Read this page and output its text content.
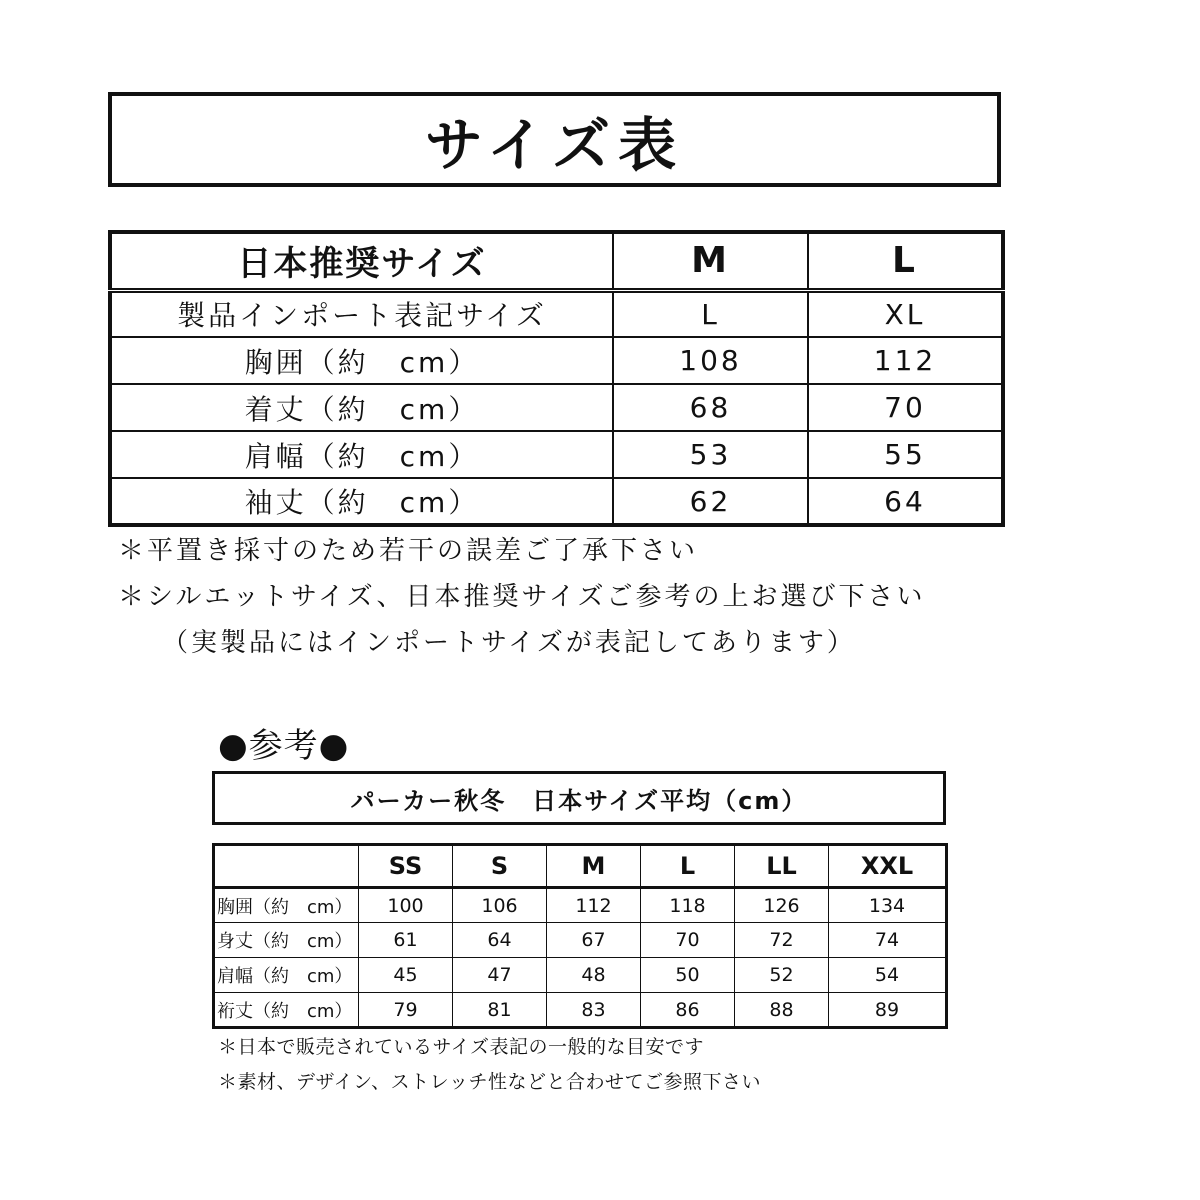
サイズ表
日本推奨サイズ	M	L
製品インポート表記サイズ	L	XL
胸囲（約　cm）	108	112
着丈（約　cm）	68	70
肩幅（約　cm）	53	55
袖丈（約　cm）	62	64
＊平置き採寸のため若干の誤差ご了承下さい
＊シルエットサイズ、日本推奨サイズご参考の上お選び下さい
（実製品にはインポートサイズが表記してあります）
●参考●
パーカー秋冬　日本サイズ平均（cm）
	SS	S	M	L	LL	XXL
胸囲（約　cm）	100	106	112	118	126	134
身丈（約　cm）	61	64	67	70	72	74
肩幅（約　cm）	45	47	48	50	52	54
裄丈（約　cm）	79	81	83	86	88	89
＊日本で販売されているサイズ表記の一般的な目安です
＊素材、デザイン、ストレッチ性などと合わせてご参照下さい
